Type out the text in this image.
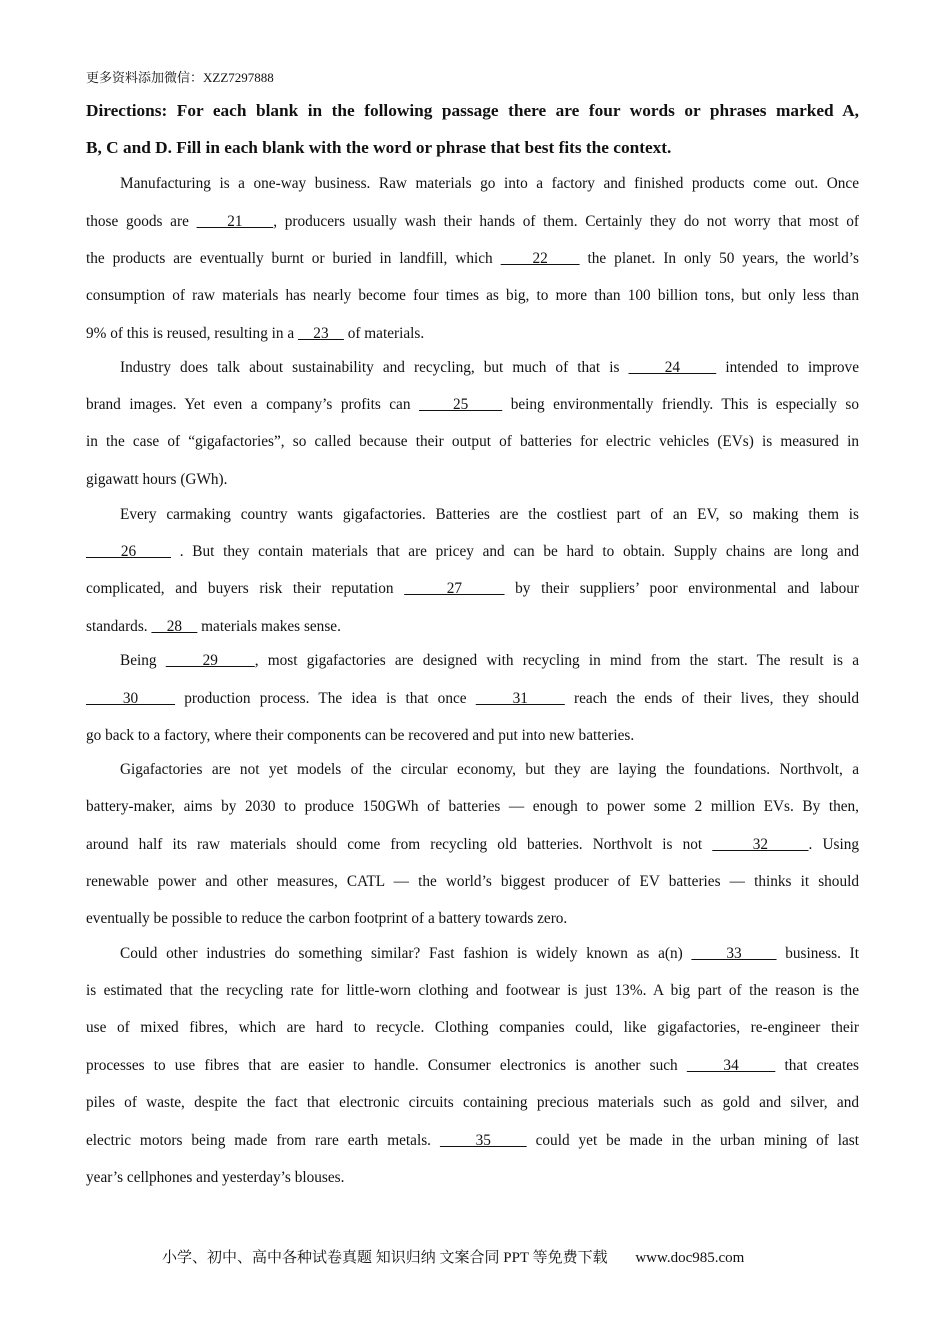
更多资料添加微信：XZZ7297888
Directions: For each blank in the following passage there are four words or phrases marked A,
B, C and D. Fill in each blank with the word or phrase that best fits the context.
Manufacturing is a one-way business. Raw materials go into a factory and finished products come out. Once
those goods are     21    , producers usually wash their hands of them. Certainly they do not worry that most of
the products are eventually burnt or buried in landfill, which     22     the planet. In only 50 years, the world’s
consumption of raw materials has nearly become four times as big, to more than 100 billion tons, but only less than
9% of this is reused, resulting in a     23     of materials.
Industry does talk about sustainability and recycling, but much of that is     24     intended to improve
brand images. Yet even a company’s profits can     25     being environmentally friendly. This is especially so
in the case of “gigafactories”, so called because their output of batteries for electric vehicles (EVs) is measured in
gigawatt hours (GWh).
Every carmaking country wants gigafactories. Batteries are the costliest part of an EV, so making them is
26     . But they contain materials that are pricey and can be hard to obtain. Supply chains are long and
complicated, and buyers risk their reputation     27     by their suppliers’ poor environmental and labour
standards.     28     materials makes sense.
Being     29    , most gigafactories are designed with recycling in mind from the start. The result is a
30     production process. The idea is that once     31     reach the ends of their lives, they should
go back to a factory, where their components can be recovered and put into new batteries.
Gigafactories are not yet models of the circular economy, but they are laying the foundations. Northvolt, a
battery-maker, aims by 2030 to produce 150GWh of batteries — enough to power some 2 million EVs. By then,
around half its raw materials should come from recycling old batteries. Northvolt is not     32    . Using
renewable power and other measures, CATL — the world’s biggest producer of EV batteries — thinks it should
eventually be possible to reduce the carbon footprint of a battery towards zero.
Could other industries do something similar? Fast fashion is widely known as a(n)     33     business. It
is estimated that the recycling rate for little-worn clothing and footwear is just 13%. A big part of the reason is the
use of mixed fibres, which are hard to recycle. Clothing companies could, like gigafactories, re-engineer their
processes to use fibres that are easier to handle. Consumer electronics is another such     34     that creates
piles of waste, despite the fact that electronic circuits containing precious materials such as gold and silver, and
electric motors being made from rare earth metals.     35     could yet be made in the urban mining of last
year’s cellphones and yesterday’s blouses.
小学、初中、高中各种试卷真题 知识归纳 文案合同 PPT 等免费下载 www.doc985.com
